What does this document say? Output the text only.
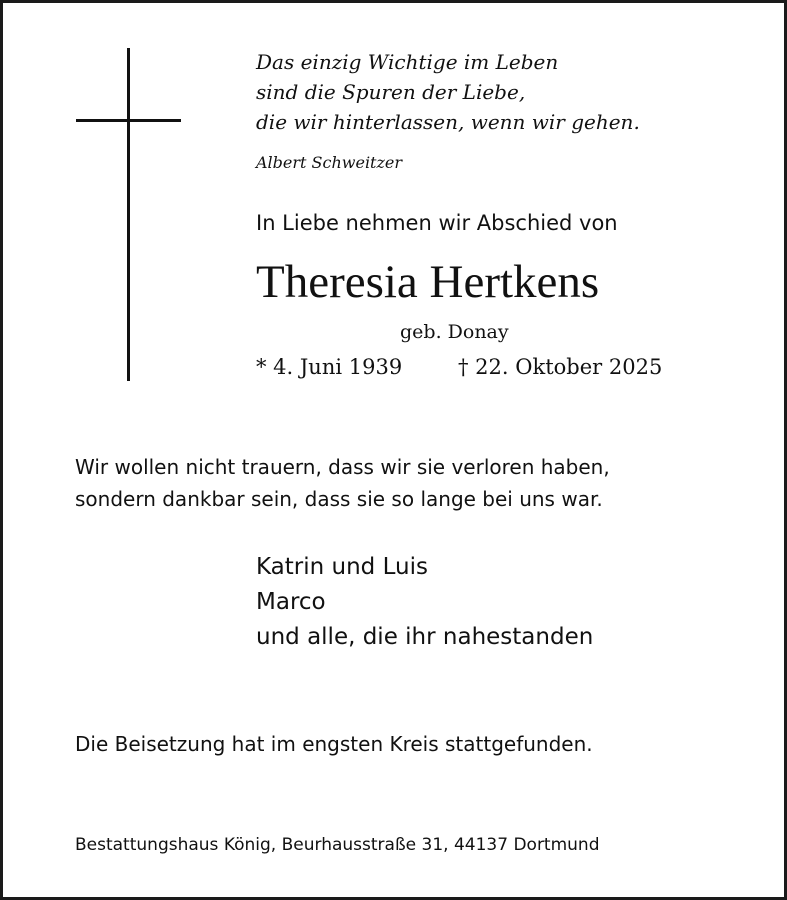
Das einzig Wichtige im Leben

sind die Spuren der Liebe,

die wir hinterlassen, wenn wir gehen.

Albert Schweitzer

In Liebe nehmen wir Abschied von

Theresia Hertkens

geb. Donay

* 4. Juni 1939	† 22. Oktober 2025

Wir wollen nicht trauern, dass wir sie verloren haben,

sondern dankbar sein, dass sie so lange bei uns war.

Katrin und Luis

Marco

und alle, die ihr nahestanden

Die Beisetzung hat im engsten Kreis stattgefunden.

Bestattungshaus König, Beurhausstraße 31, 44137 Dortmund
